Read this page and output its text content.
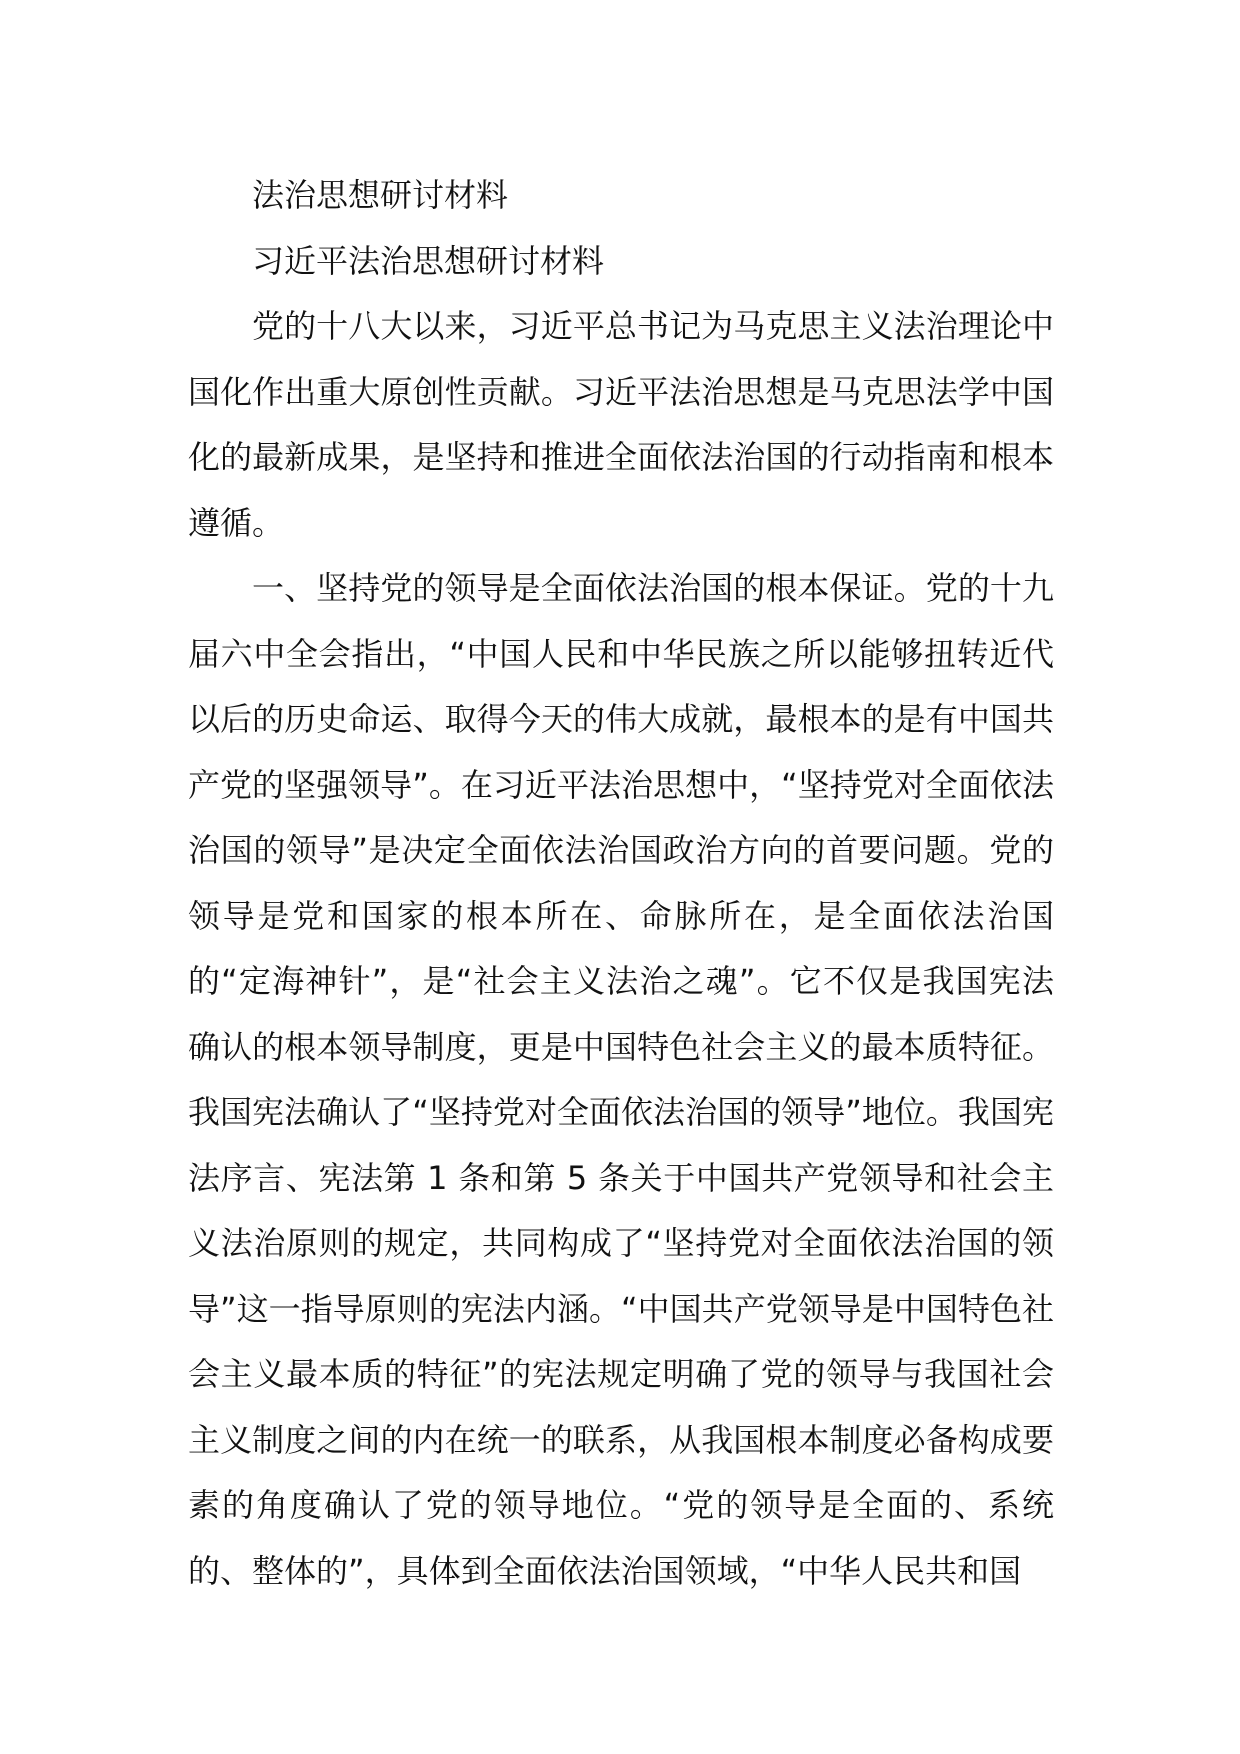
法治思想研讨材料

习近平法治思想研讨材料

党的十八大以来，习近平总书记为马克思主义法治理论中国化作出重大原创性贡献。习近平法治思想是马克思法学中国化的最新成果，是坚持和推进全面依法治国的行动指南和根本遵循。

一、坚持党的领导是全面依法治国的根本保证。党的十九届六中全会指出，“中国人民和中华民族之所以能够扭转近代以后的历史命运、取得今天的伟大成就，最根本的是有中国共产党的坚强领导”。在习近平法治思想中，“坚持党对全面依法治国的领导”是决定全面依法治国政治方向的首要问题。党的领导是党和国家的根本所在、命脉所在，是全面依法治国的“定海神针”，是“社会主义法治之魂”。它不仅是我国宪法确认的根本领导制度，更是中国特色社会主义的最本质特征。我国宪法确认了“坚持党对全面依法治国的领导”地位。我国宪法序言、宪法第 1 条和第 5 条关于中国共产党领导和社会主义法治原则的规定，共同构成了“坚持党对全面依法治国的领导”这一指导原则的宪法内涵。“中国共产党领导是中国特色社会主义最本质的特征”的宪法规定明确了党的领导与我国社会主义制度之间的内在统一的联系，从我国根本制度必备构成要素的角度确认了党的领导地位。“党的领导是全面的、系统的、整体的”，具体到全面依法治国领域，“中华人民共和国
